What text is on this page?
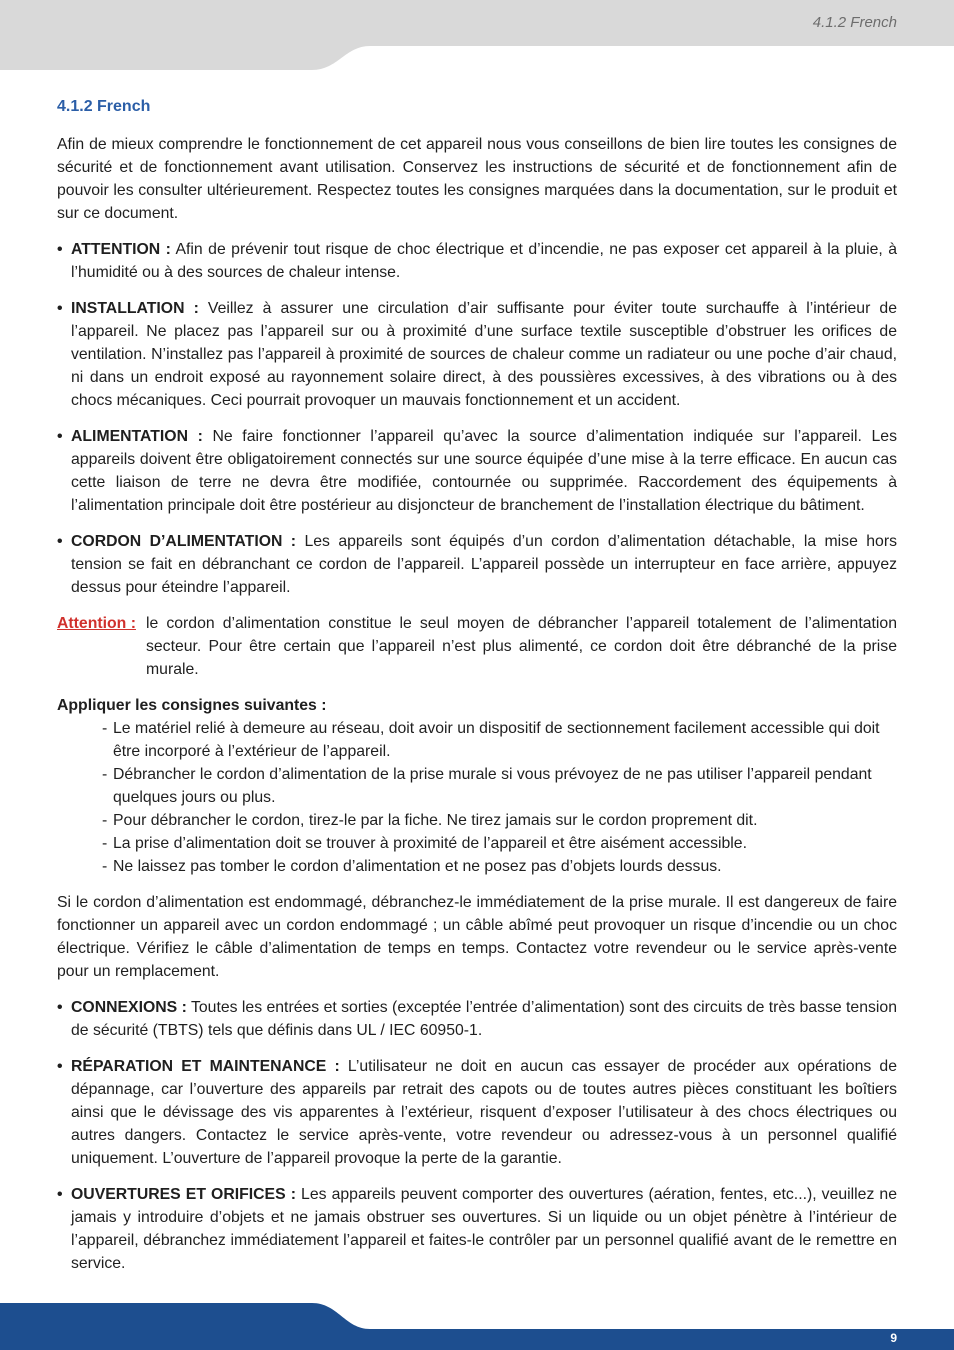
4.1.2 French
4.1.2 French

Afin de mieux comprendre le fonctionnement de cet appareil nous vous conseillons de bien lire toutes les consignes de sécurité et de fonctionnement avant utilisation. Conservez les instructions de sécurité et de fonctionnement afin de pouvoir les consulter ultérieurement. Respectez toutes les consignes marquées dans la documentation, sur le produit et sur ce document.

• ATTENTION : Afin de prévenir tout risque de choc électrique et d’incendie, ne pas exposer cet appareil à la pluie, à l’humidité ou à des sources de chaleur intense.
• INSTALLATION : Veillez à assurer une circulation d’air suffisante pour éviter toute surchauffe à l’intérieur de l’appareil. Ne placez pas l’appareil sur ou à proximité d’une surface textile susceptible d’obstruer les orifices de ventilation. N’installez pas l’appareil à proximité de sources de chaleur comme un radiateur ou une poche d’air chaud, ni dans un endroit exposé au rayonnement solaire direct, à des poussières excessives, à des vibrations ou à des chocs mécaniques. Ceci pourrait provoquer un mauvais fonctionnement et un accident.
• ALIMENTATION : Ne faire fonctionner l’appareil qu’avec la source d’alimentation indiquée sur l’appareil. Les appareils doivent être obligatoirement connectés sur une source équipée d’une mise à la terre efficace. En aucun cas cette liaison de terre ne devra être modifiée, contournée ou supprimée. Raccordement des équipements à l’alimentation principale doit être postérieur au disjoncteur de branchement de l’installation électrique du bâtiment.
• CORDON D’ALIMENTATION : Les appareils sont équipés d’un cordon d’alimentation détachable, la mise hors tension se fait en débranchant ce cordon de l’appareil. L’appareil possède un interrupteur en face arrière, appuyez dessus pour éteindre l’appareil.
Attention : le cordon d’alimentation constitue le seul moyen de débrancher l’appareil totalement de l’alimentation secteur. Pour être certain que l’appareil n’est plus alimenté, ce cordon doit être débranché de la prise murale.

Appliquer les consignes suivantes :

- Le matériel relié à demeure au réseau, doit avoir un dispositif de sectionnement facilement accessible qui doit être incorporé à l’extérieur de l’appareil.
- Débrancher le cordon d’alimentation de la prise murale si vous prévoyez de ne pas utiliser l’appareil pendant quelques jours ou plus.
- Pour débrancher le cordon, tirez-le par la fiche. Ne tirez jamais sur le cordon proprement dit.
- La prise d’alimentation doit se trouver à proximité de l’appareil et être aisément accessible.
- Ne laissez pas tomber le cordon d’alimentation et ne posez pas d’objets lourds dessus.

Si le cordon d’alimentation est endommagé, débranchez-le immédiatement de la prise murale. Il est dangereux de faire fonctionner un appareil avec un cordon endommagé ; un câble abîmé peut provoquer un risque d’incendie ou un choc électrique. Vérifiez le câble d’alimentation de temps en temps. Contactez votre revendeur ou le service après-vente pour un remplacement.

• CONNEXIONS : Toutes les entrées et sorties (exceptée l’entrée d’alimentation) sont des circuits de très basse tension de sécurité (TBTS) tels que définis dans UL / IEC 60950-1.
• RÉPARATION ET MAINTENANCE : L’utilisateur ne doit en aucun cas essayer de procéder aux opérations de dépannage, car l’ouverture des appareils par retrait des capots ou de toutes autres pièces constituant les boîtiers ainsi que le dévissage des vis apparentes à l’extérieur, risquent d’exposer l’utilisateur à des chocs électriques ou autres dangers. Contactez le service après-vente, votre revendeur ou adressez-vous à un personnel qualifié uniquement. L’ouverture de l’appareil provoque la perte de la garantie.
• OUVERTURES ET ORIFICES : Les appareils peuvent comporter des ouvertures (aération, fentes, etc...), veuillez ne jamais y introduire d’objets et ne jamais obstruer ses ouvertures. Si un liquide ou un objet pénètre à l’intérieur de l’appareil, débranchez immédiatement l’appareil et faites-le contrôler par un personnel qualifié avant de le remettre en service.
9
